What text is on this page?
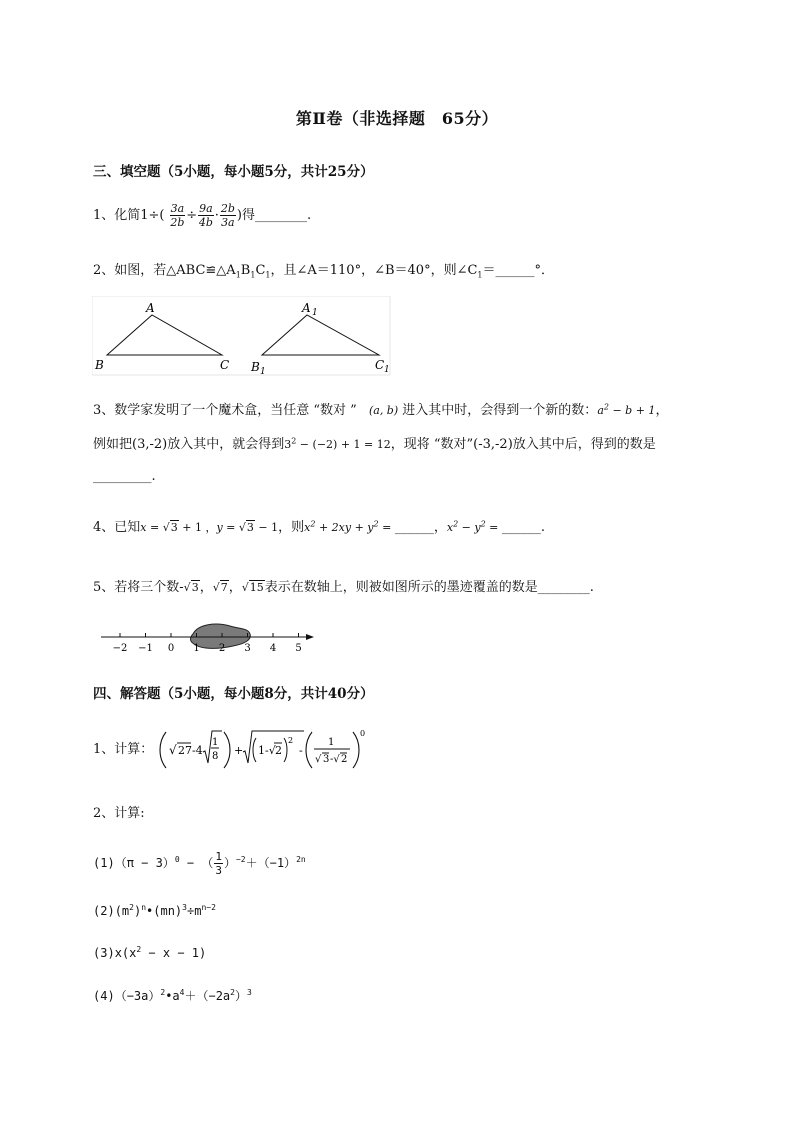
第Ⅱ卷（非选择题　65分）
三、填空题（5小题，每小题5分，共计25分）
1、化简$1\div( \frac{3a}{2b} \div \frac{9a}{4b} \cdot \frac{2b}{3a}$ )得________.
2、如图，若$\triangle ABC≌\triangle A_1B_1C_1$，且∠A＝110°，∠B＝40°，则$\angle C_1=\_\_\_\_\_\_^\circ$．
A
B	C
A 1
B 1	C 1
3、数学家发明了一个魔术盒，当任意 “数对 ” (a, b) 进入其中时，会得到一个新的数：$a^2 - b + 1$，
例如把(3,-2)放入其中，就会得到$3^2 - (-2) + 1 = 12$，现将 “数对”(-3,-2)放入其中后，得到的数是
_________.
4、已知x = √3 + 1 ，y = √3 − 1，则$x^2 + 2xy + y^2$ = ______，$x^2 - y^2$ = ______.
5、若将三个数-√3，√7，√15表示在数轴上，则被如图所示的墨迹覆盖的数是________.
−2 −1 0 1 2 3 4 5
四、解答题（5小题，每小题8分，共计40分）
1、计算： √ 27 -4
1
8 + 1-√ 2
2
-
1
√ 3 -√ 2
0
2、计算:
$(1)(\pi - 3)^0$ − （ $\frac{1}{3} )^{-2}+(-1)^{2n}$
$(2)(m^2)^n•(mn)^3\div m^{n-2}$
$(3)x(x^2 - x - 1)$
$(4)(-3a)^2•a^4+(-2a^2)^3$
